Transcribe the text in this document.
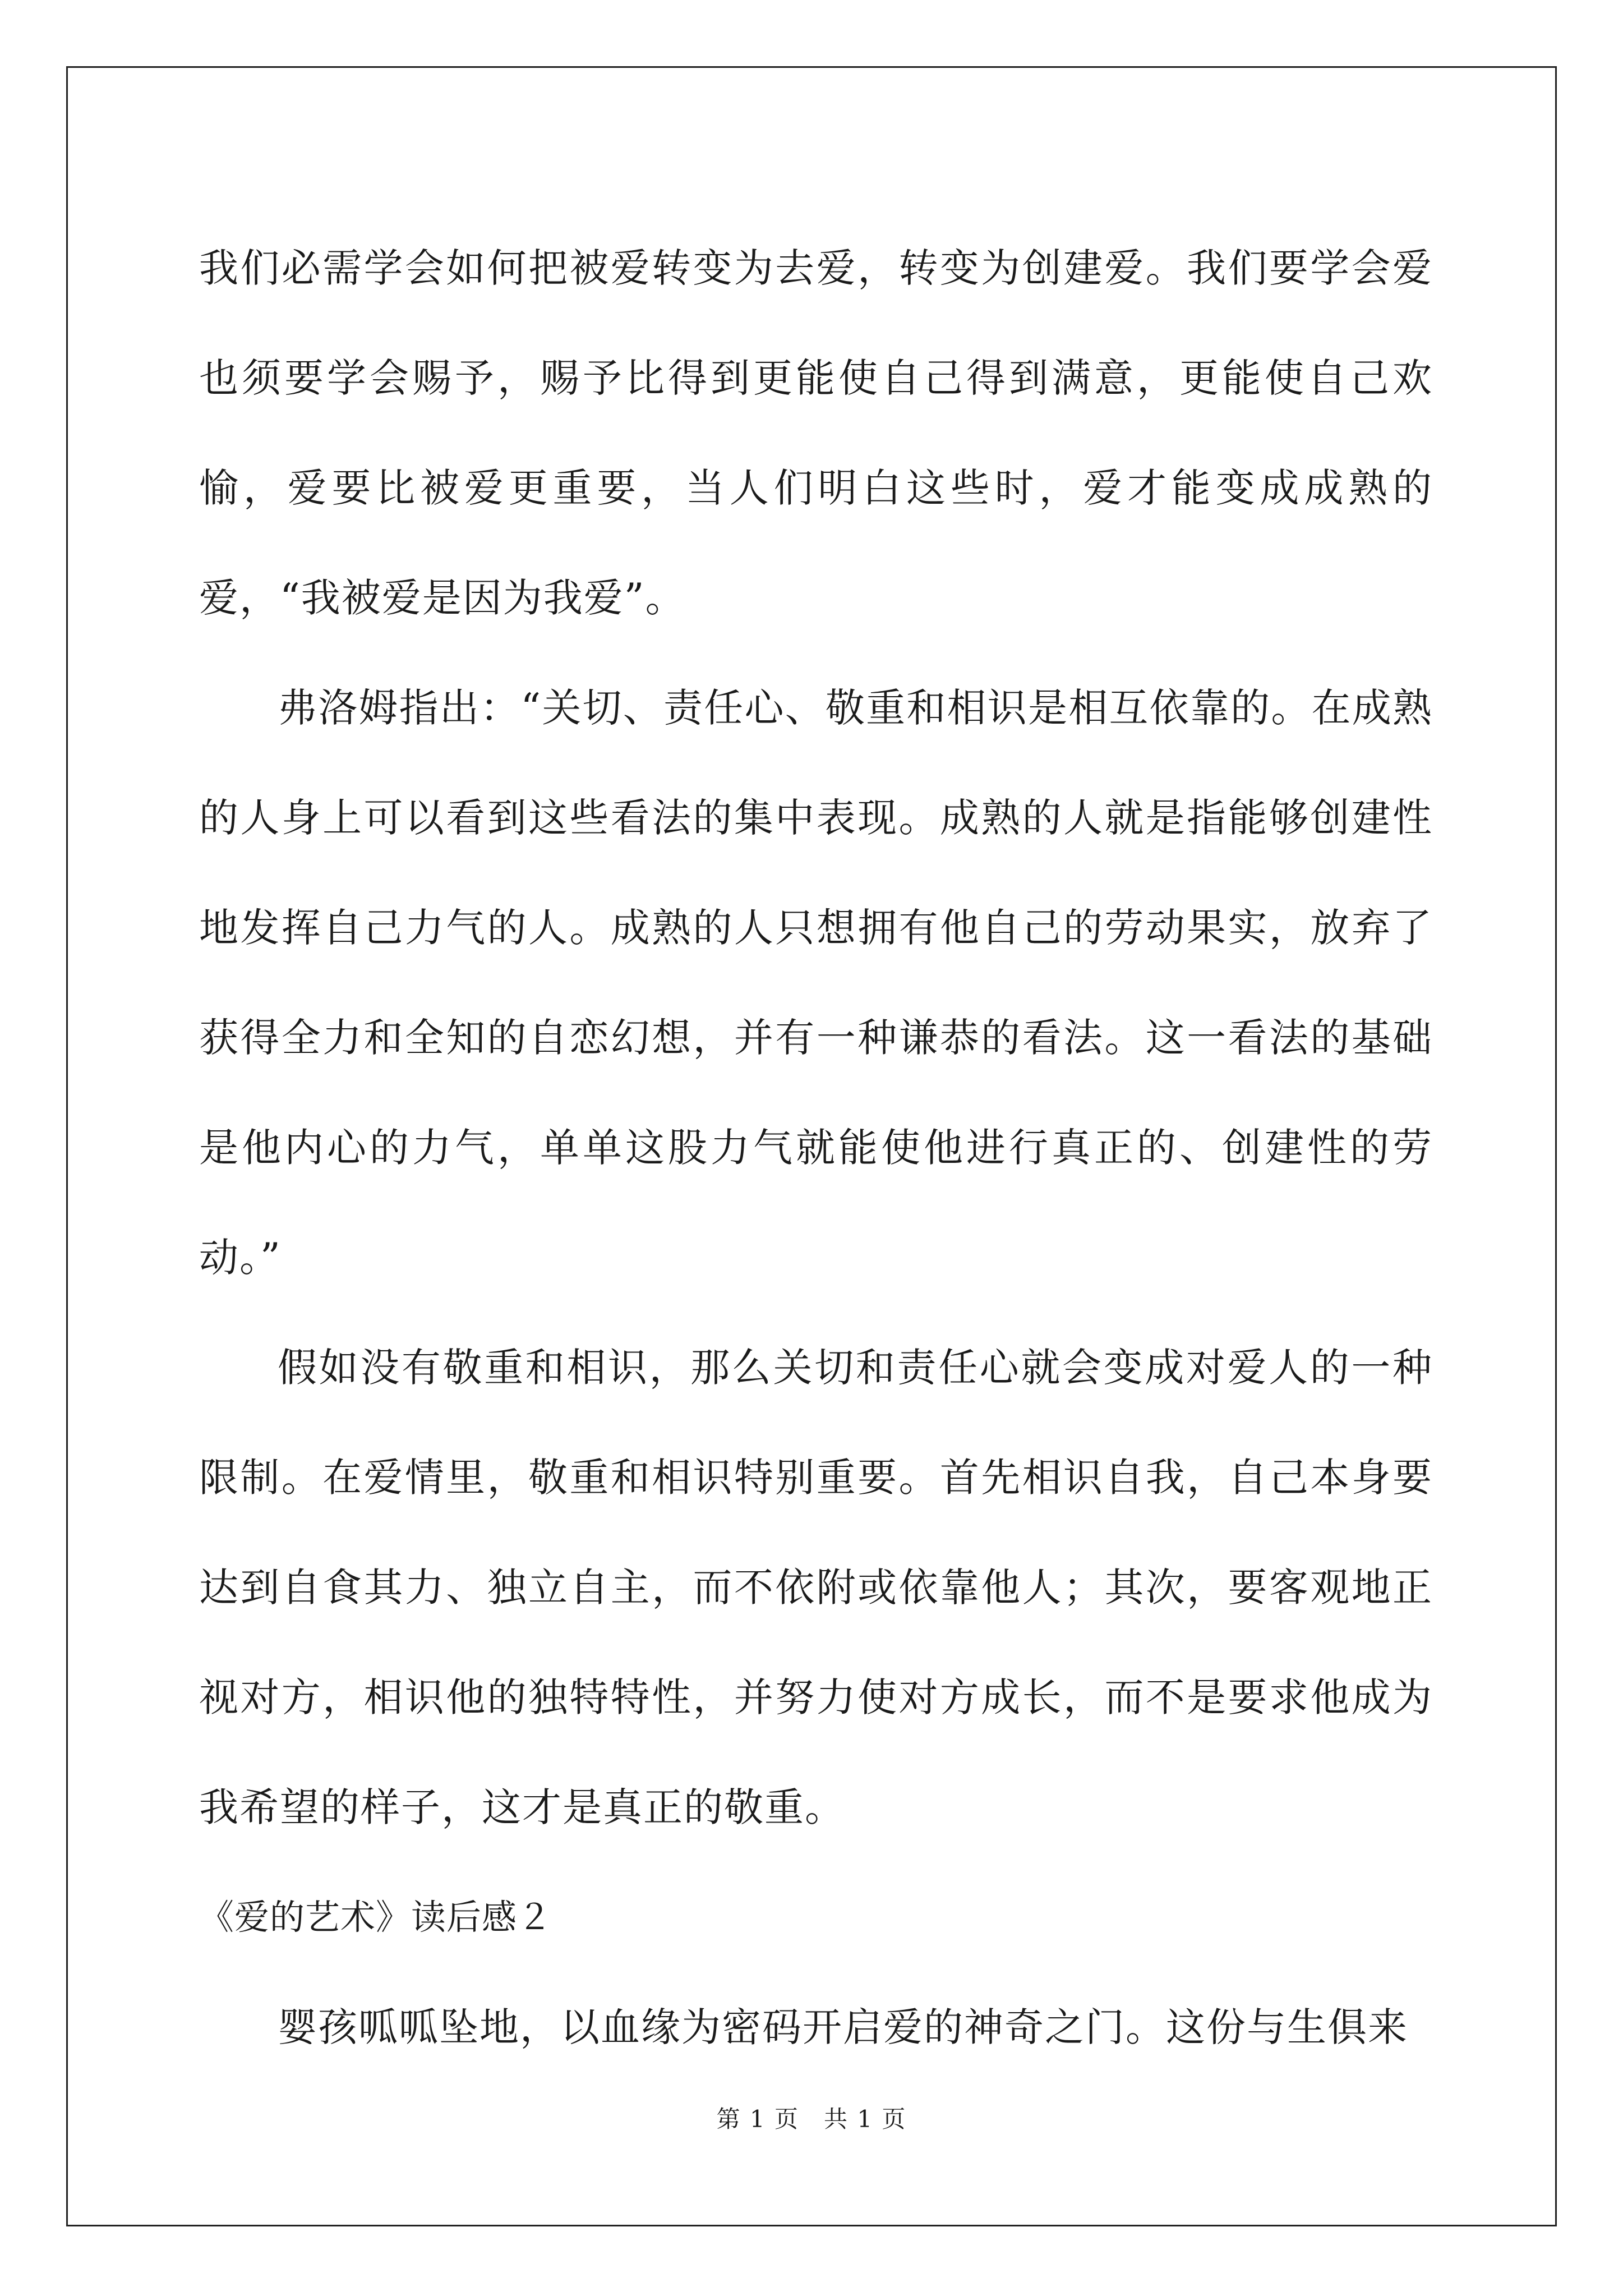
我们必需学会如何把被爱转变为去爱，转变为创建爱。我们要学会爱也须要学会赐予，赐予比得到更能使自己得到满意，更能使自己欢愉，爱要比被爱更重要，当人们明白这些时，爱才能变成成熟的爱，“我被爱是因为我爱”。

弗洛姆指出：“关切、责任心、敬重和相识是相互依靠的。在成熟的人身上可以看到这些看法的集中表现。成熟的人就是指能够创建性地发挥自己力气的人。成熟的人只想拥有他自己的劳动果实，放弃了获得全力和全知的自恋幻想，并有一种谦恭的看法。这一看法的基础是他内心的力气，单单这股力气就能使他进行真正的、创建性的劳动。”

假如没有敬重和相识，那么关切和责任心就会变成对爱人的一种限制。在爱情里，敬重和相识特别重要。首先相识自我，自己本身要达到自食其力、独立自主，而不依附或依靠他人；其次，要客观地正视对方，相识他的独特特性，并努力使对方成长，而不是要求他成为我希望的样子，这才是真正的敬重。

《爱的艺术》读后感２

婴孩呱呱坠地，以血缘为密码开启爱的神奇之门。这份与生俱来

第 1 页　共 1 页
